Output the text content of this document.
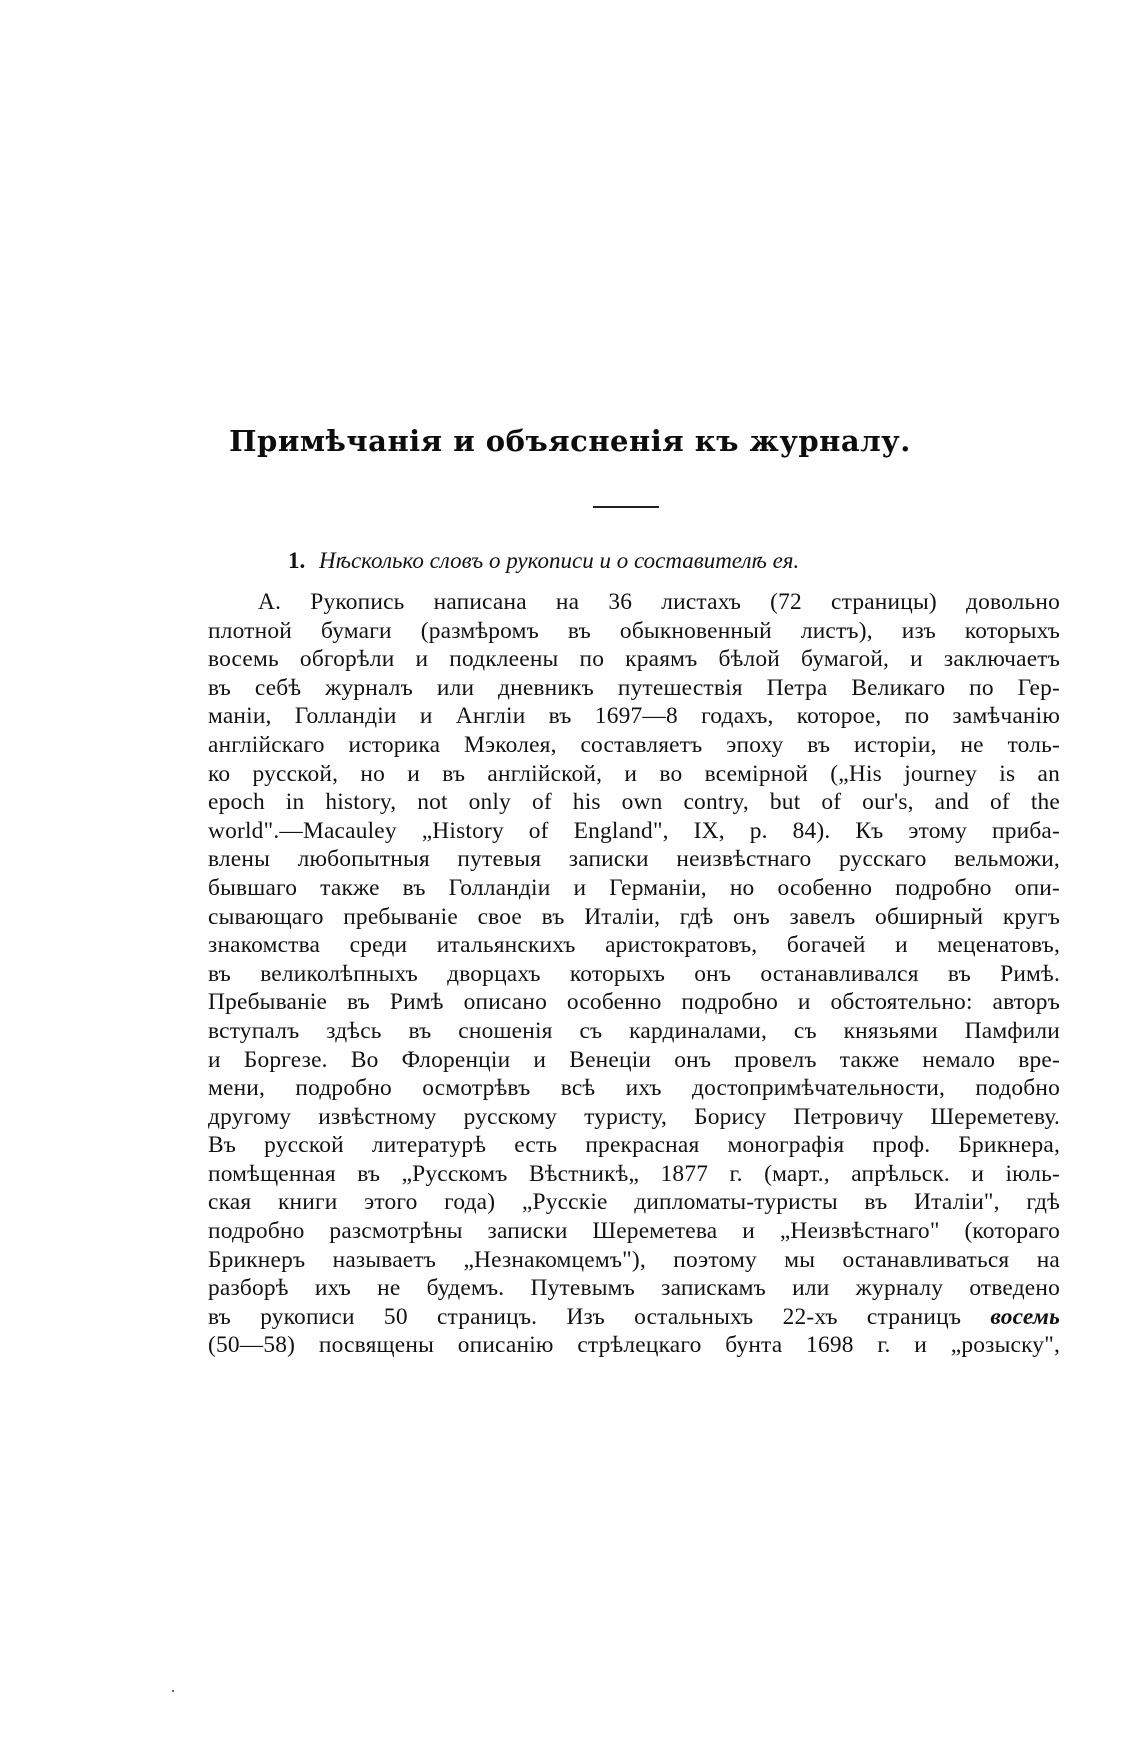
Примѣчанія и объясненія къ журналу.
1. Нѣсколько словъ о рукописи и о составителѣ ея.
А. Рукопись написана на 36 листахъ (72 страницы) довольно
плотной бумаги (размѣромъ въ обыкновенный листъ), изъ которыхъ
восемь обгорѣли и подклеены по краямъ бѣлой бумагой, и заключаетъ
въ себѣ журналъ или дневникъ путешествія Петра Великаго по Гер-
маніи, Голландіи и Англіи въ 1697—8 годахъ, которое, по замѣчанію
англійскаго историка Мэколея, составляетъ эпоху въ исторіи, не толь-
ко русской, но и въ англійской, и во всемірной („His journey is an
epoch in history, not only of his own contry, but of our's, and of the
world".—Macauley „History of England", IX, p. 84). Къ этому приба-
влены любопытныя путевыя записки неизвѣстнаго русскаго вельможи,
бывшаго также въ Голландіи и Германіи, но особенно подробно опи-
сывающаго пребываніе свое въ Италіи, гдѣ онъ завелъ обширный кругъ
знакомства среди итальянскихъ аристократовъ, богачей и меценатовъ,
въ великолѣпныхъ дворцахъ которыхъ онъ останавливался въ Римѣ.
Пребываніе въ Римѣ описано особенно подробно и обстоятельно: авторъ
вступалъ здѣсь въ сношенія съ кардиналами, съ князьями Памфили
и Боргезе. Во Флоренціи и Венеціи онъ провелъ также немало вре-
мени, подробно осмотрѣвъ всѣ ихъ достопримѣчательности, подобно
другому извѣстному русскому туристу, Борису Петровичу Шереметеву.
Въ русской литературѣ есть прекрасная монографія проф. Брикнера,
помѣщенная въ „Русскомъ Вѣстникѣ„ 1877 г. (март., апрѣльск. и іюль-
ская книги этого года) „Русскіе дипломаты-туристы въ Италіи", гдѣ
подробно разсмотрѣны записки Шереметева и „Неизвѣстнаго" (котораго
Брикнеръ называетъ „Незнакомцемъ"), поэтому мы останавливаться на
разборѣ ихъ не будемъ. Путевымъ запискамъ или журналу отведено
въ рукописи 50 страницъ. Изъ остальныхъ 22-хъ страницъ восемь
(50—58) посвящены описанію стрѣлецкаго бунта 1698 г. и „розыску",
